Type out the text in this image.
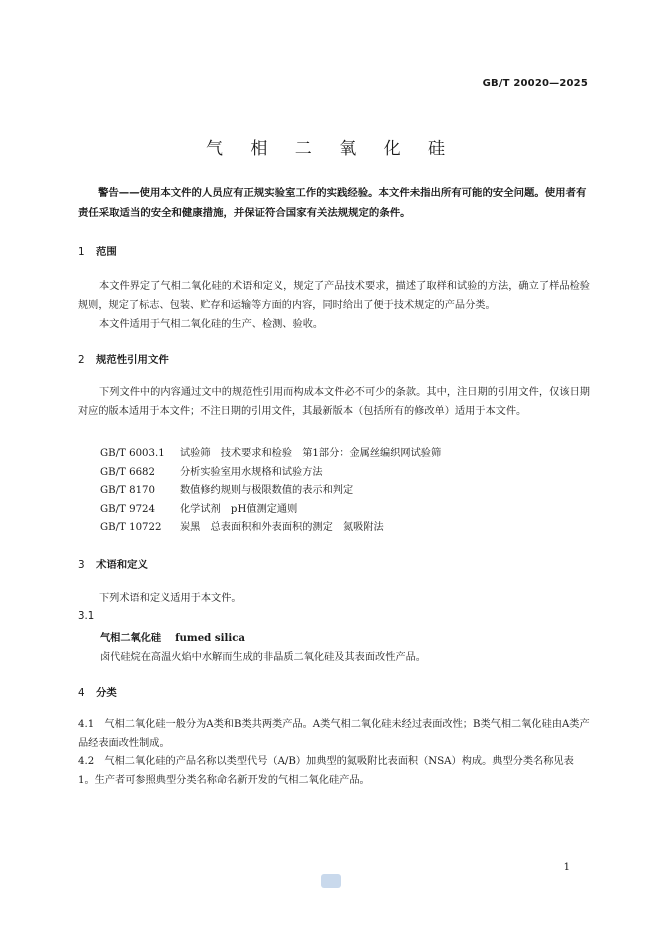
GB/T 20020—2025
气 相 二 氧 化 硅
警告——使用本文件的人员应有正规实验室工作的实践经验。本文件未指出所有可能的安全问题。使用者有责任采取适当的安全和健康措施，并保证符合国家有关法规规定的条件。
1 范围
本文件界定了气相二氧化硅的术语和定义，规定了产品技术要求，描述了取样和试验的方法，确立了样品检验规则，规定了标志、包装、贮存和运输等方面的内容，同时给出了便于技术规定的产品分类。
本文件适用于气相二氧化硅的生产、检测、验收。
2 规范性引用文件
下列文件中的内容通过文中的规范性引用而构成本文件必不可少的条款。其中，注日期的引用文件，仅该日期对应的版本适用于本文件；不注日期的引用文件，其最新版本（包括所有的修改单）适用于本文件。
GB/T 6003.1 试验筛　技术要求和检验　第1部分：金属丝编织网试验筛
GB/T 6682 分析实验室用水规格和试验方法
GB/T 8170 数值修约规则与极限数值的表示和判定
GB/T 9724 化学试剂　pH值测定通则
GB/T 10722 炭黑　总表面积和外表面积的测定　氮吸附法
3 术语和定义
下列术语和定义适用于本文件。
3.1
气相二氧化硅 fumed silica
卤代硅烷在高温火焰中水解而生成的非晶质二氧化硅及其表面改性产品。
4 分类
4.1　 气相二氧化硅一般分为A类和B类共两类产品。A类气相二氧化硅未经过表面改性；B类气相二氧化硅由A类产品经表面改性制成。
4.2　 气相二氧化硅的产品名称以类型代号（A/B）加典型的氮吸附比表面积（NSA）构成。典型分类名称见表1。生产者可参照典型分类名称命名新开发的气相二氧化硅产品。
1
